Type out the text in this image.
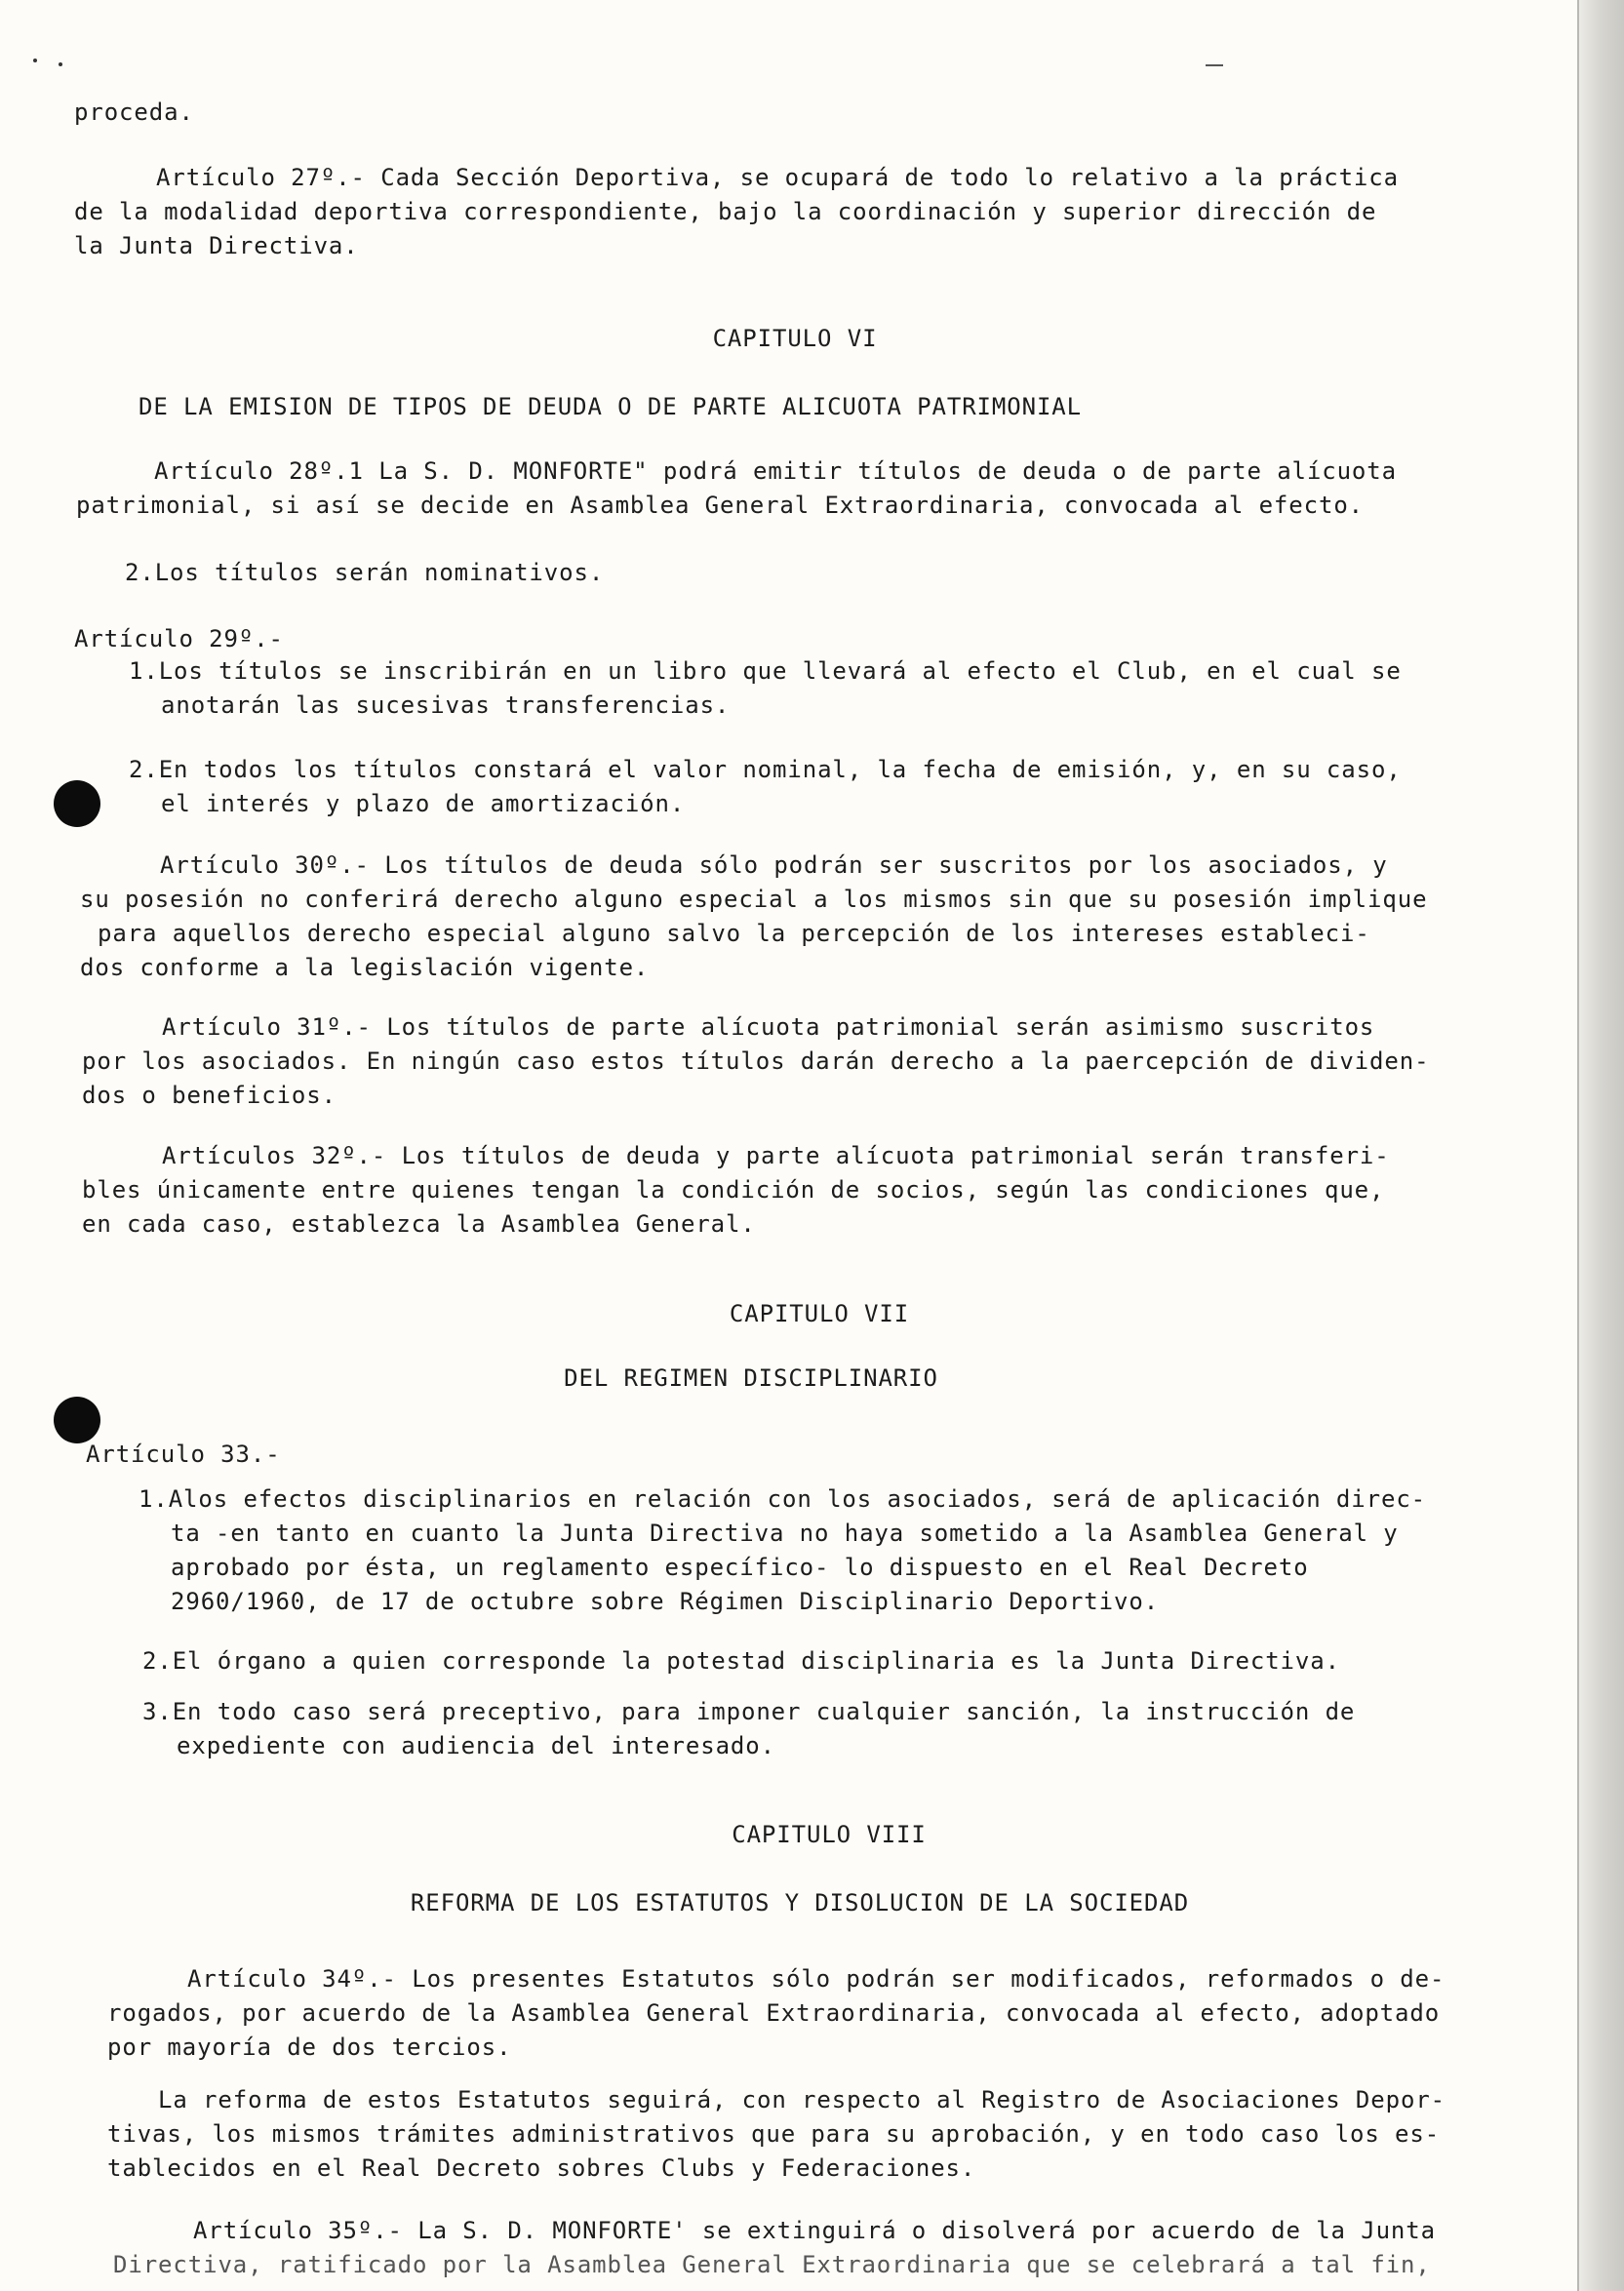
proceda.
Artículo 27º.- Cada Sección Deportiva, se ocupará de todo lo relativo a la práctica
de la modalidad deportiva correspondiente, bajo la coordinación y superior dirección de
la Junta Directiva.
CAPITULO VI
DE LA EMISION DE TIPOS DE DEUDA O DE PARTE ALICUOTA PATRIMONIAL
Artículo 28º.1 La S. D. MONFORTE" podrá emitir títulos de deuda o de parte alícuota
patrimonial, si así se decide en Asamblea General Extraordinaria, convocada al efecto.
2.Los títulos serán nominativos.
Artículo 29º.-
1.Los títulos se inscribirán en un libro que llevará al efecto el Club, en el cual se
anotarán las sucesivas transferencias.
2.En todos los títulos constará el valor nominal, la fecha de emisión, y, en su caso,
el interés y plazo de amortización.
Artículo 30º.- Los títulos de deuda sólo podrán ser suscritos por los asociados, y
su posesión no conferirá derecho alguno especial a los mismos sin que su posesión implique
para aquellos derecho especial alguno salvo la percepción de los intereses estableci-
dos conforme a la legislación vigente.
Artículo 31º.- Los títulos de parte alícuota patrimonial serán asimismo suscritos
por los asociados. En ningún caso estos títulos darán derecho a la paercepción de dividen-
dos o beneficios.
Artículos 32º.- Los títulos de deuda y parte alícuota patrimonial serán transferi-
bles únicamente entre quienes tengan la condición de socios, según las condiciones que,
en cada caso, establezca la Asamblea General.
CAPITULO VII
DEL REGIMEN DISCIPLINARIO
Artículo 33.-
1.Alos efectos disciplinarios en relación con los asociados, será de aplicación direc-
ta -en tanto en cuanto la Junta Directiva no haya sometido a la Asamblea General y
aprobado por ésta, un reglamento específico- lo dispuesto en el Real Decreto
2960/1960, de 17 de octubre sobre Régimen Disciplinario Deportivo.
2.El órgano a quien corresponde la potestad disciplinaria es la Junta Directiva.
3.En todo caso será preceptivo, para imponer cualquier sanción, la instrucción de
expediente con audiencia del interesado.
CAPITULO VIII
REFORMA DE LOS ESTATUTOS Y DISOLUCION DE LA SOCIEDAD
Artículo 34º.- Los presentes Estatutos sólo podrán ser modificados, reformados o de-
rogados, por acuerdo de la Asamblea General Extraordinaria, convocada al efecto, adoptado
por mayoría de dos tercios.
La reforma de estos Estatutos seguirá, con respecto al Registro de Asociaciones Depor-
tivas, los mismos trámites administrativos que para su aprobación, y en todo caso los es-
tablecidos en el Real Decreto sobres Clubs y Federaciones.
Artículo 35º.- La S. D. MONFORTE' se extinguirá o disolverá por acuerdo de la Junta
Directiva, ratificado por la Asamblea General Extraordinaria que se celebrará a tal fin,
